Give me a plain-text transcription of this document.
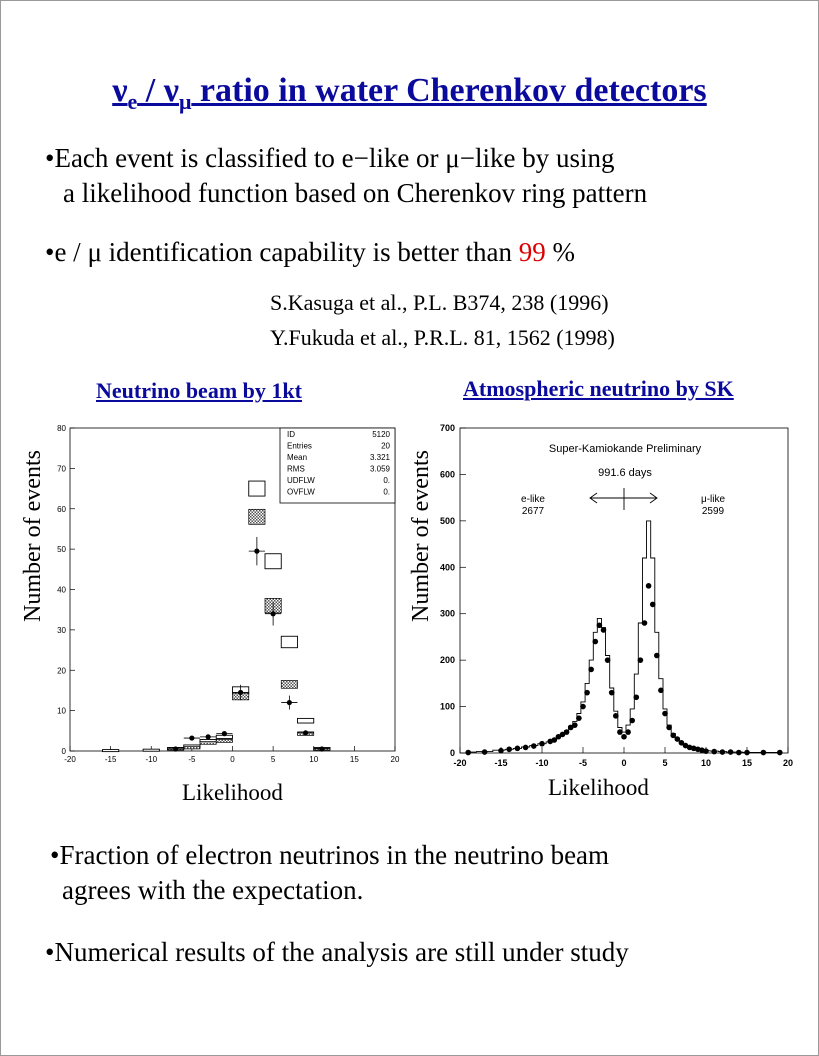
$\nu_e / \nu_\mu$ ratio in water Cherenkov detectors
•Each event is classified to e−like or μ−like by using
a likelihood function based on Cherenkov ring pattern
•e / μ identification capability is better than 99 %
S.Kasuga et al., P.L. B374, 238 (1996)
Y.Fukuda et al., P.R.L. 81, 1562 (1998)
Neutrino beam by 1kt	Atmospheric neutrino by SK
Number of events	Number of events
-20	-15	-10	-5	0	5	10	15	20
0
10
20
30
40
50
60
70
80
ID	5120
Entries	20
Mean	3.321
RMS	3.059
UDFLW	0.
OVFLW	0.
Likelihood
-20	-15	-10	-5	0	5	10	15	20
0
100
200
300
400
500
600
700
Super-Kamiokande Preliminary
991.6 days
e-like
2677
μ-like
2599
Likelihood
•Fraction of electron neutrinos in the neutrino beam
agrees with the expectation.
•Numerical results of the analysis are still under study
